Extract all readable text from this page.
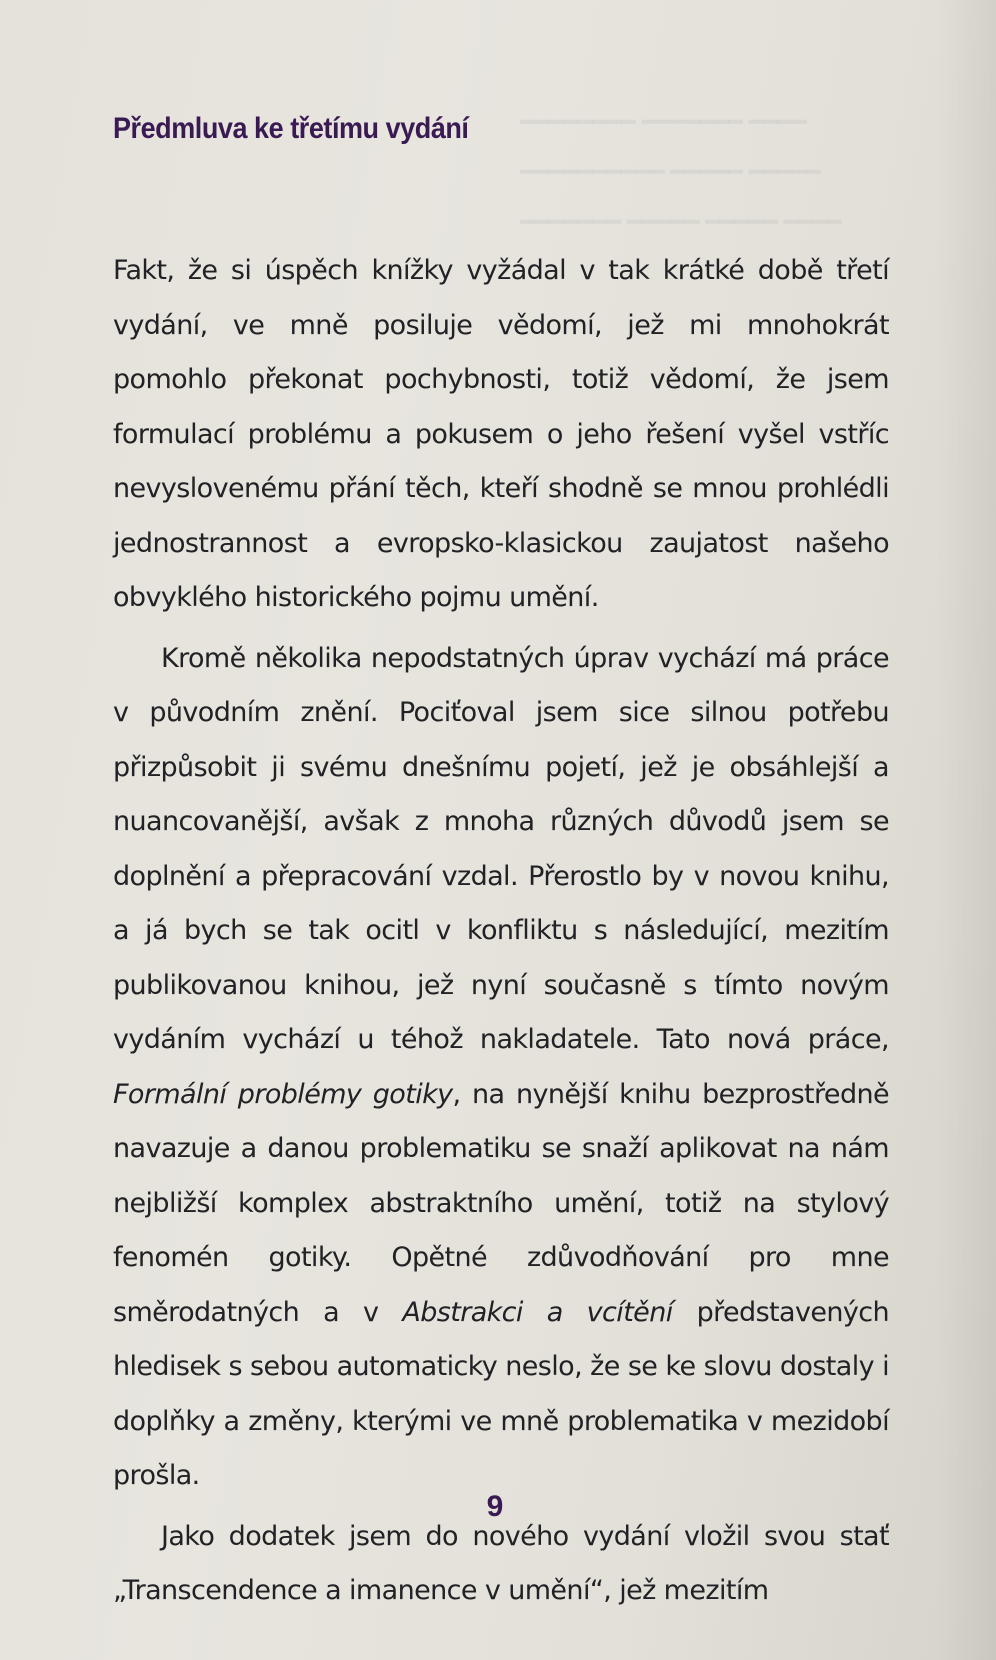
━━━━━━━━ ━━━━━━━ ━━━━
━━━━━━━━━━ ━━━━━ ━━━━━
━━━━━━━ ━━━━━ ━━━━━ ━━━━
Předmluva ke třetímu vydání

Fakt, že si úspěch knížky vyžádal v tak krátké době třetí vydání, ve mně posiluje vědomí, jež mi mnohokrát pomohlo překonat pochybnosti, totiž vědomí, že jsem formulací problému a pokusem o jeho řešení vyšel vstříc nevyslovenému přání těch, kteří shodně se mnou prohlédli jednostrannost a evropsko-klasickou zaujatost našeho obvyklého historického pojmu umění.

Kromě několika nepodstatných úprav vychází má práce v původním znění. Pociťoval jsem sice silnou potřebu přizpůsobit ji svému dnešnímu pojetí, jež je obsáhlejší a nuancovanější, avšak z mnoha různých důvodů jsem se doplnění a přepracování vzdal. Přerostlo by v novou knihu, a já bych se tak ocitl v konfliktu s následující, mezitím publikovanou knihou, jež nyní současně s tímto novým vydáním vychází u téhož nakladatele. Tato nová práce, Formální problémy gotiky, na nynější knihu bezprostředně navazuje a danou problematiku se snaží aplikovat na nám nejbližší komplex abstraktního umění, totiž na stylový fenomén gotiky. Opětné zdůvodňování pro mne směrodatných a v Abstrakci a vcítění představených hledisek s sebou automaticky neslo, že se ke slovu dostaly i doplňky a změny, kterými ve mně problematika v mezidobí prošla.

Jako dodatek jsem do nového vydání vložil svou stať „Transcendence a imanence v umění“, jež mezitím

9
